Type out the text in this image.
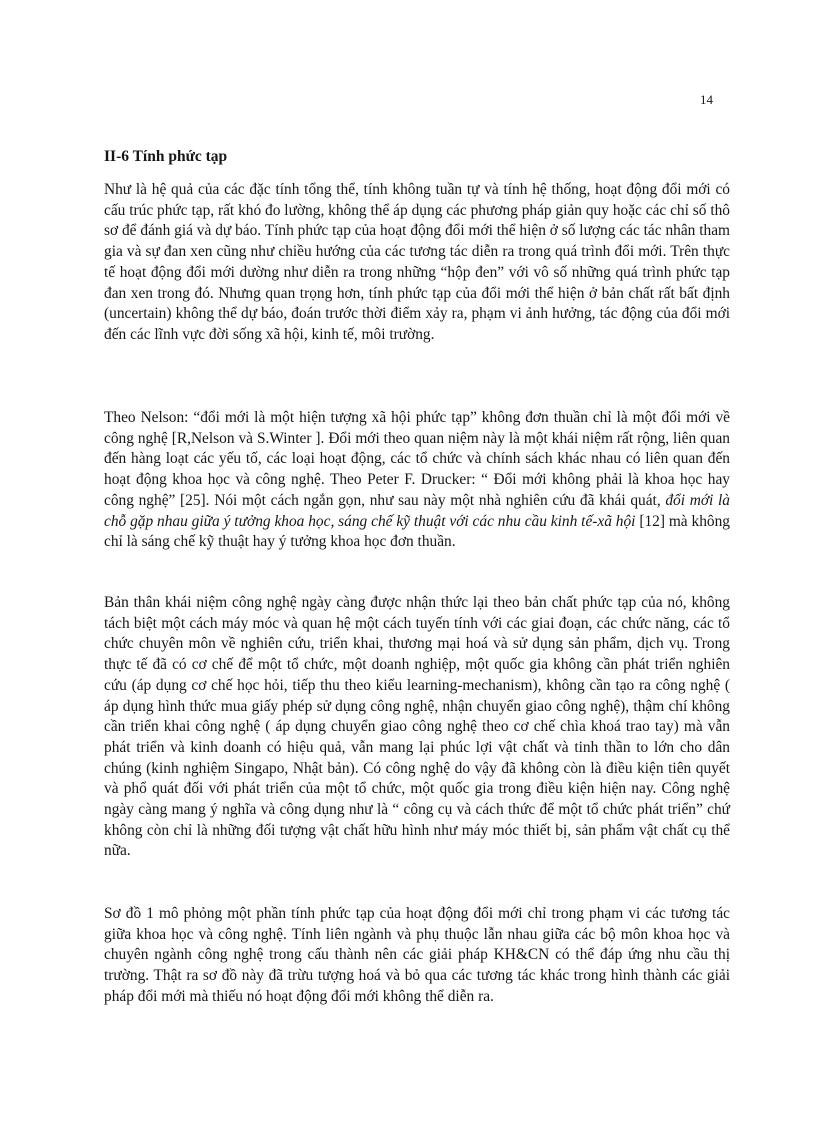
14
II-6 Tính phức tạp

Như là hệ quả của các đặc tính tổng thể, tính không tuần tự và tính hệ thống, hoạt động đổi mới có cấu trúc phức tạp, rất khó đo lường, không thể áp dụng các phương pháp giản quy hoặc các chỉ số thô sơ để đánh giá và dự báo. Tính phức tạp của hoạt động đổi mới thể hiện ở số lượng các tác nhân tham gia và sự đan xen cũng như chiều hướng của các tương tác diễn ra trong quá trình đổi mới. Trên thực tế hoạt động đổi mới dường như diễn ra trong những “hộp đen” với vô số những quá trình phức tạp đan xen trong đó. Nhưng quan trọng hơn, tính phức tạp của đổi mới thể hiện ở bản chất rất bất định (uncertain) không thể dự báo, đoán trước thời điểm xảy ra, phạm vi ảnh hưởng, tác động của đổi mới đến các lĩnh vực đời sống xã hội, kinh tế, môi trường.

Theo Nelson: “đổi mới là một hiện tượng xã hội phức tạp” không đơn thuần chỉ là một đổi mới về công nghệ [R,Nelson và S.Winter ]. Đổi mới theo quan niệm này là một khái niệm rất rộng, liên quan đến hàng loạt các yếu tố, các loại hoạt động, các tổ chức và chính sách khác nhau có liên quan đến hoạt động khoa học và công nghệ. Theo Peter F. Drucker: “ Đổi mới không phải là khoa học hay công nghệ” [25]. Nói một cách ngắn gọn, như sau này một nhà nghiên cứu đã khái quát, đổi mới là chỗ gặp nhau giữa ý tưởng khoa học, sáng chế kỹ thuật với các nhu cầu kinh tế-xã hội [12] mà không chỉ là sáng chế kỹ thuật hay ý tưởng khoa học đơn thuần.

Bản thân khái niệm công nghệ ngày càng được nhận thức lại theo bản chất phức tạp của nó, không tách biệt một cách máy móc và quan hệ một cách tuyến tính với các giai đoạn, các chức năng, các tổ chức chuyên môn về nghiên cứu, triển khai, thương mại hoá và sử dụng sản phẩm, dịch vụ. Trong thực tế đã có cơ chế để một tổ chức, một doanh nghiệp, một quốc gia không cần phát triển nghiên cứu (áp dụng cơ chế học hỏi, tiếp thu theo kiểu learning-mechanism), không cần tạo ra công nghệ ( áp dụng hình thức mua giấy phép sử dụng công nghệ, nhận chuyển giao công nghệ), thậm chí không cần triển khai công nghệ ( áp dụng chuyển giao công nghệ theo cơ chế chìa khoá trao tay) mà vẫn phát triển và kinh doanh có hiệu quả, vẫn mang lại phúc lợi vật chất và tinh thần to lớn cho dân chúng (kinh nghiệm Singapo, Nhật bản). Có công nghệ do vậy đã không còn là điều kiện tiên quyết và phổ quát đối với phát triển của một tổ chức, một quốc gia trong điều kiện hiện nay. Công nghệ ngày càng mang ý nghĩa và công dụng như là “ công cụ và cách thức để một tổ chức phát triển” chứ không còn chỉ là những đối tượng vật chất hữu hình như máy móc thiết bị, sản phẩm vật chất cụ thể nữa.

Sơ đồ 1 mô phỏng một phần tính phức tạp của hoạt động đổi mới chỉ trong phạm vi các tương tác giữa khoa học và công nghệ. Tính liên ngành và phụ thuộc lẫn nhau giữa các bộ môn khoa học và chuyên ngành công nghệ trong cấu thành nên các giải pháp KH&CN có thể đáp ứng nhu cầu thị trường. Thật ra sơ đồ này đã trừu tượng hoá và bỏ qua các tương tác khác trong hình thành các giải pháp đổi mới mà thiếu nó hoạt động đổi mới không thể diễn ra.
